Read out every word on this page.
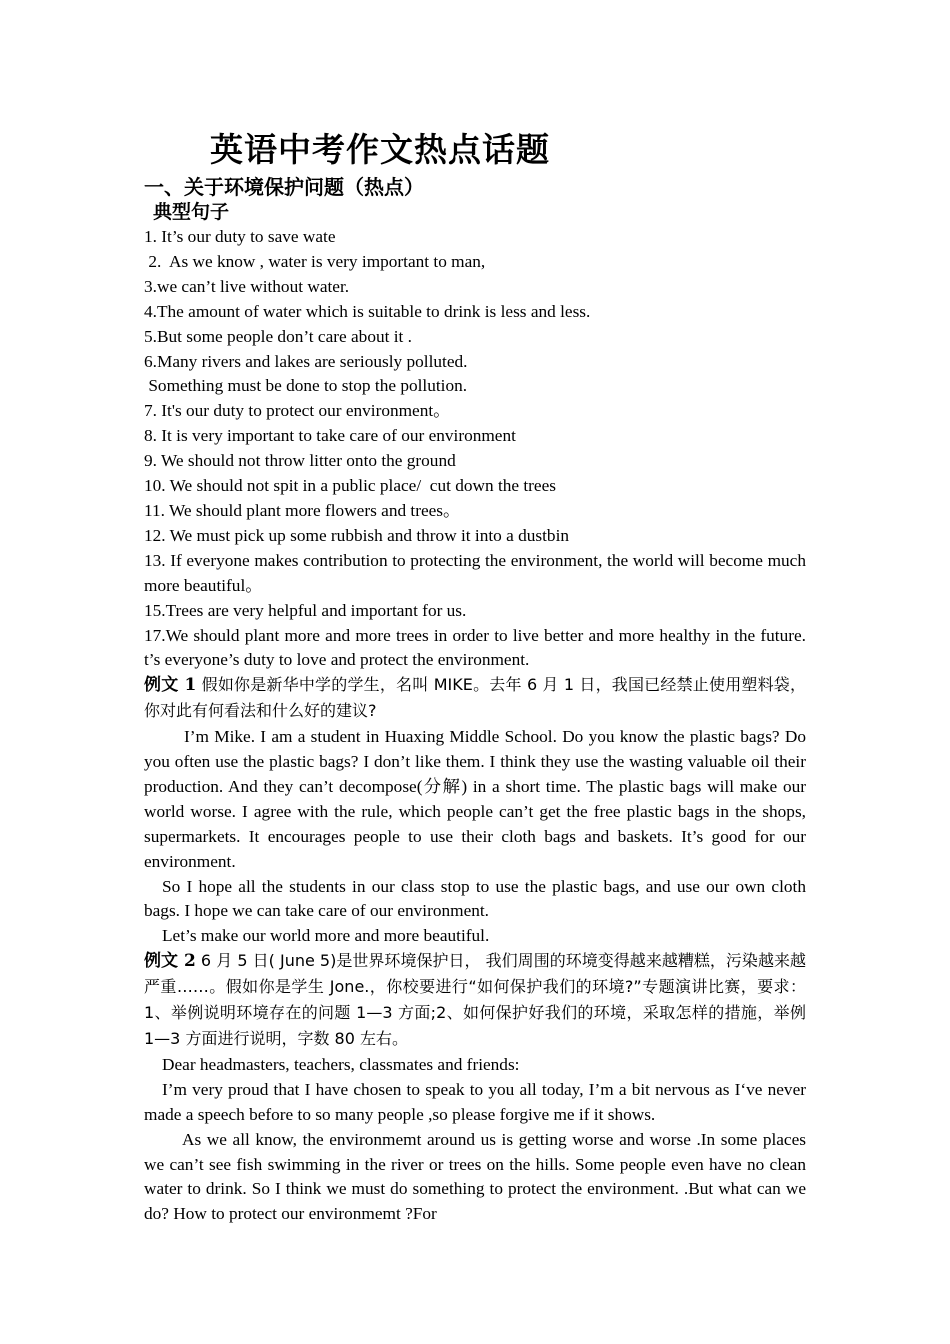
英语中考作文热点话题
一、关于环境保护问题（热点）
典型句子

1. It’s our duty to save wate

2.  As we know , water is very important to man,

3.we can’t live without water.

4.The amount of water which is suitable to drink is less and less.

5.But some people don’t care about it .

6.Many rivers and lakes are seriously polluted.

Something must be done to stop the pollution.

7. It's our duty to protect our environment。

8. It is very important to take care of our environment

9. We should not throw litter onto the ground

10. We should not spit in a public place/  cut down the trees

11. We should plant more flowers and trees。

12. We must pick up some rubbish and throw it into a dustbin

13. If everyone makes contribution to protecting the environment, the world will become much more beautiful。

15.Trees are very helpful and important for us.

17.We should plant more and more trees in order to live better and more healthy in the future. t’s everyone’s duty to love and protect the environment.

例文 1 假如你是新华中学的学生，名叫 MIKE。去年 6 月 1 日，我国已经禁止使用塑料袋，你对此有何看法和什么好的建议?

I’m Mike. I am a student in Huaxing Middle School. Do you know the plastic bags? Do you often use the plastic bags? I don’t like them. I think they use the wasting valuable oil their production. And they can’t decompose(分解) in a short time. The plastic bags will make our world worse. I agree with the rule, which people can’t get the free plastic bags in the shops, supermarkets. It encourages people to use their cloth bags and baskets. It’s good for our environment.

So I hope all the students in our class stop to use the plastic bags, and use our own cloth bags. I hope we can take care of our environment.

Let’s make our world more and more beautiful.

例文 2 6 月 5 日( June 5)是世界环境保护日， 我们周围的环境变得越来越糟糕，污染越来越严重……。假如你是学生 Jone.，你校要进行“如何保护我们的环境?”专题演讲比赛，要求：1、举例说明环境存在的问题 1—3 方面;2、如何保护好我们的环境，采取怎样的措施，举例 1—3 方面进行说明，字数 80 左右。

Dear headmasters, teachers, classmates and friends:

I’m very proud that I have chosen to speak to you all today, I’m a bit nervous as I‘ve never made a speech before to so many people ,so please forgive me if it shows.

As we all know, the environmemt around us is getting worse and worse .In some places we can’t see fish swimming in the river or trees on the hills. Some people even have no clean water to drink. So I think we must do something to protect the environment. .But what can we do? How to protect our environmemt ?For
